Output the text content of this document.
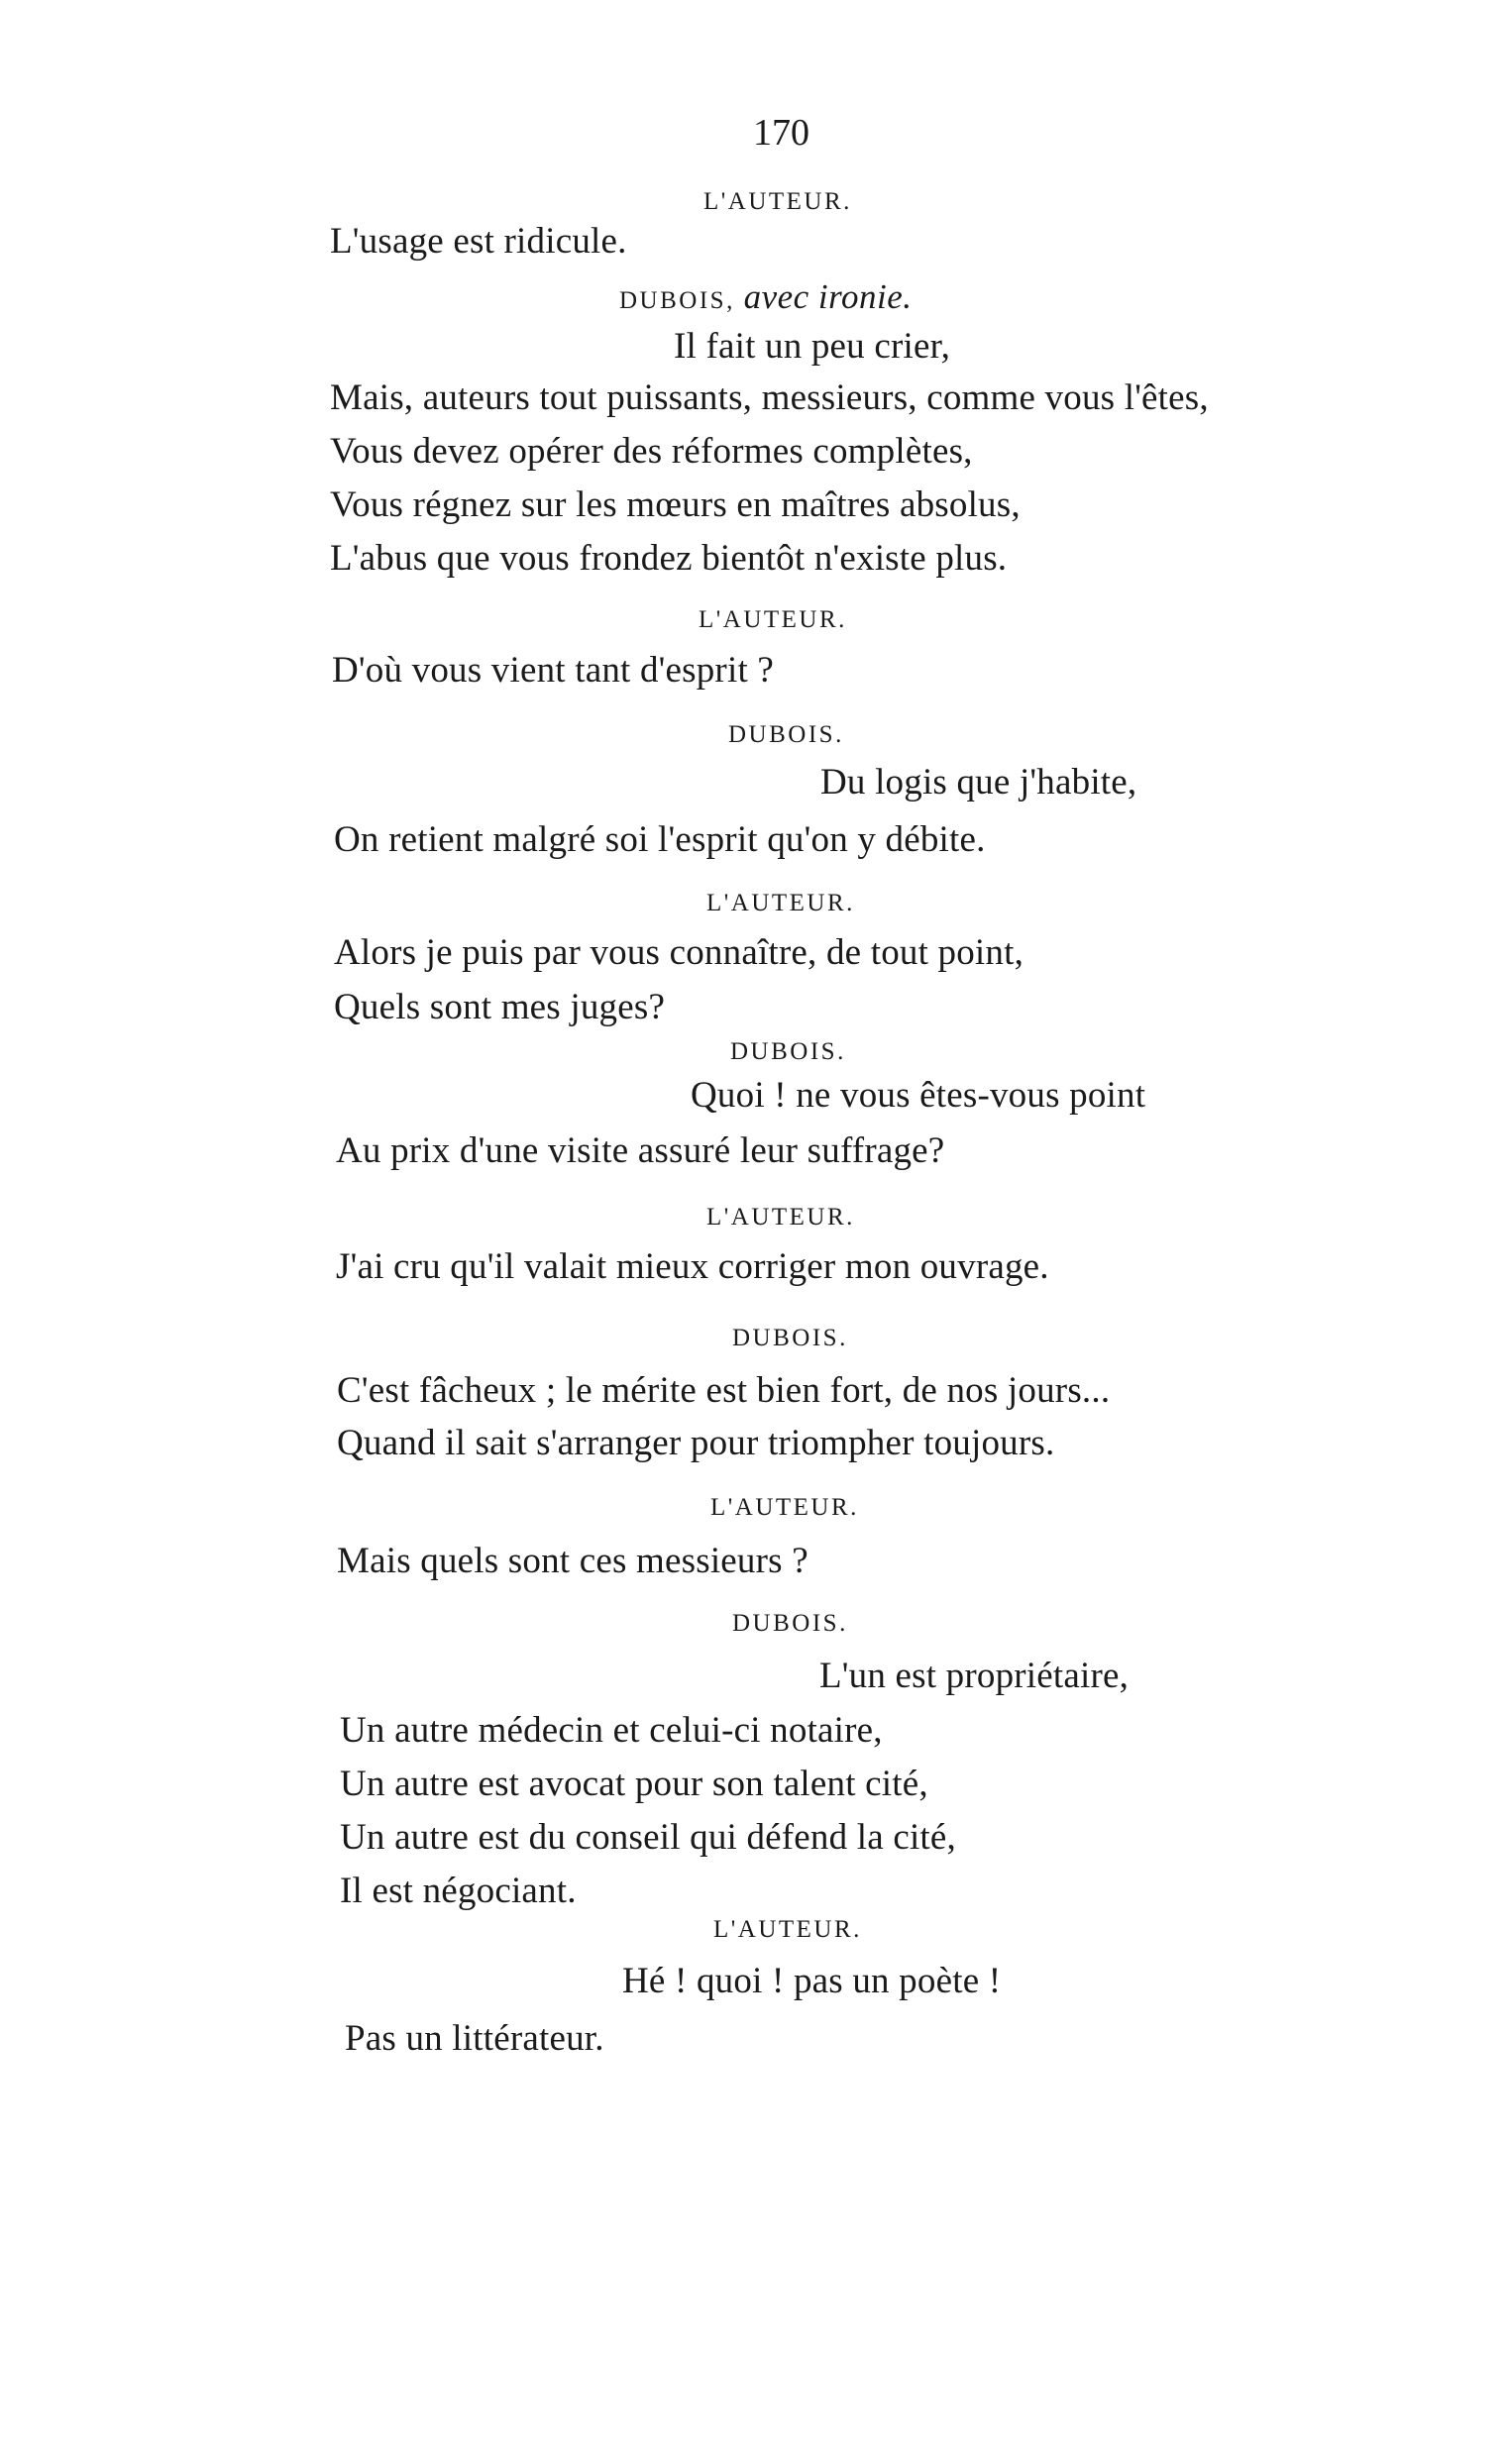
170
L'AUTEUR.
L'usage est ridicule.
DUBOIS, avec ironie.
Il fait un peu crier,
Mais, auteurs tout puissants, messieurs, comme vous l'êtes,
Vous devez opérer des réformes complètes,
Vous régnez sur les mœurs en maîtres absolus,
L'abus que vous frondez bientôt n'existe plus.
L'AUTEUR.
D'où vous vient tant d'esprit ?
DUBOIS.
Du logis que j'habite,
On retient malgré soi l'esprit qu'on y débite.
L'AUTEUR.
Alors je puis par vous connaître, de tout point,
Quels sont mes juges?
DUBOIS.
Quoi ! ne vous êtes-vous point
Au prix d'une visite assuré leur suffrage?
L'AUTEUR.
J'ai cru qu'il valait mieux corriger mon ouvrage.
DUBOIS.
C'est fâcheux ; le mérite est bien fort, de nos jours...
Quand il sait s'arranger pour triompher toujours.
L'AUTEUR.
Mais quels sont ces messieurs ?
DUBOIS.
L'un est propriétaire,
Un autre médecin et celui-ci notaire,
Un autre est avocat pour son talent cité,
Un autre est du conseil qui défend la cité,
Il est négociant.
L'AUTEUR.
Hé ! quoi ! pas un poète !
Pas un littérateur.
